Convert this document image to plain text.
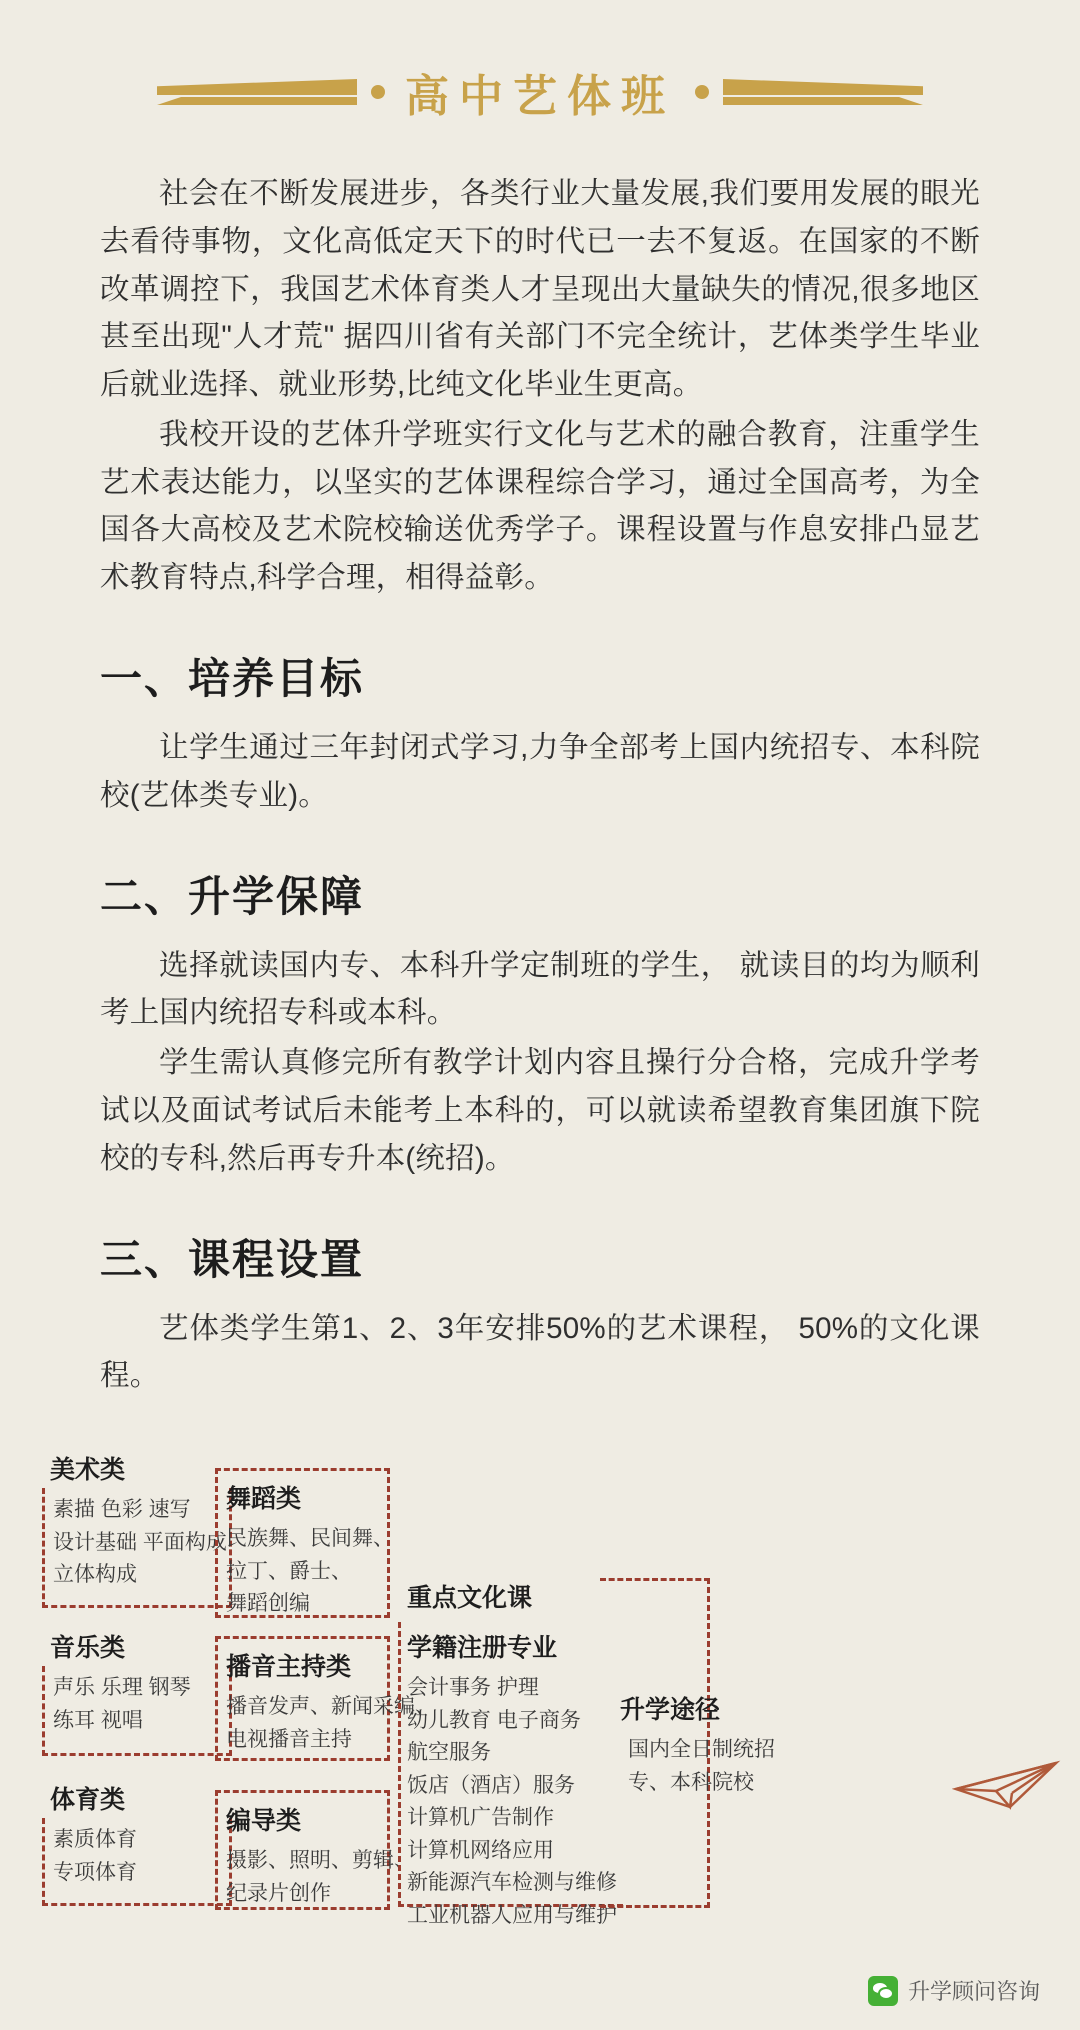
高中艺体班

社会在不断发展进步，各类行业大量发展,我们要用发展的眼光去看待事物，文化高低定天下的时代已一去不复返。在国家的不断改革调控下，我国艺术体育类人才呈现出大量缺失的情况,很多地区甚至出现"人才荒" 据四川省有关部门不完全统计，艺体类学生毕业后就业选择、就业形势,比纯文化毕业生更高。

我校开设的艺体升学班实行文化与艺术的融合教育，注重学生艺术表达能力，以坚实的艺体课程综合学习，通过全国高考，为全国各大高校及艺术院校输送优秀学子。课程设置与作息安排凸显艺术教育特点,科学合理，相得益彰。

一、培养目标

让学生通过三年封闭式学习,力争全部考上国内统招专、本科院校(艺体类专业)。

二、升学保障

选择就读国内专、本科升学定制班的学生， 就读目的均为顺利考上国内统招专科或本科。

学生需认真修完所有教学计划内容且操行分合格，完成升学考试以及面试考试后未能考上本科的，可以就读希望教育集团旗下院校的专科,然后再专升本(统招)。

三、课程设置

艺体类学生第1、2、3年安排50%的艺术课程， 50%的文化课程。

美术类
素描 色彩 速写
设计基础 平面构成
立体构成
舞蹈类
民族舞、民间舞、
拉丁、爵士、
舞蹈创编
音乐类
声乐 乐理 钢琴
练耳 视唱
播音主持类
播音发声、新闻采编、
电视播音主持
体育类
素质体育
专项体育
编导类
摄影、照明、剪辑、
纪录片创作
重点文化课
学籍注册专业
会计事务 护理
幼儿教育 电子商务
航空服务
饭店（酒店）服务
计算机广告制作
计算机网络应用
新能源汽车检测与维修
工业机器人应用与维护
升学途径
国内全日制统招
专、本科院校
升学顾问咨询
